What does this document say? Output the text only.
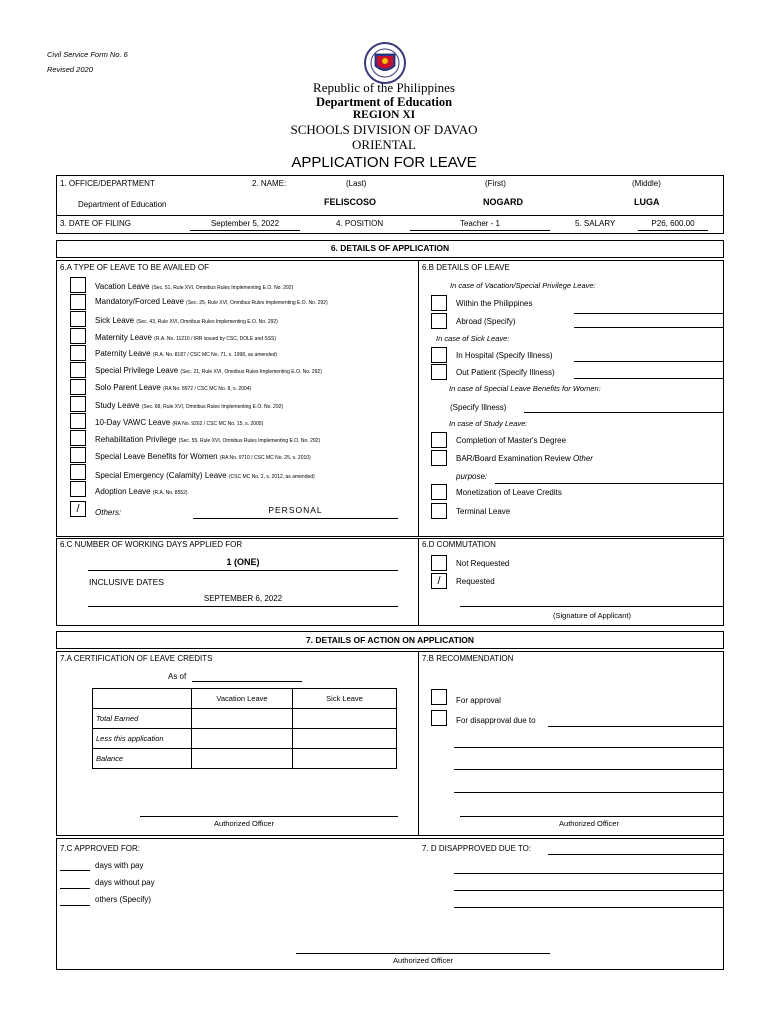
Civil Service Form No. 6
Revised 2020
Republic of the Philippines
Department of Education
REGION XI
SCHOOLS DIVISION OF DAVAO
ORIENTAL
APPLICATION FOR LEAVE
1. OFFICE/DEPARTMENT
Department of Education
2. NAME:	(Last)	(First)	(Middle)
FELISCOSO	NOGARD	LUGA
3. DATE OF FILING	September 5, 2022	4. POSITION	Teacher - 1	5. SALARY	P26, 600.00
6. DETAILS OF APPLICATION
6.A TYPE OF LEAVE TO BE AVAILED OF
/
Vacation Leave (Sec. 51, Rule XVI, Omnibus Rules Implementing E.O. No. 292)
Mandatory/Forced Leave (Sec. 25, Rule XVI, Omnibus Rules Implementing E.O. No. 292)
Sick Leave (Sec. 43, Rule XVI, Omnibus Rules Implementing E.O. No. 292)
Maternity Leave (R.A. No. 11210 / IRR issued by CSC, DOLE and SSS)
Paternity Leave (R.A. No. 8187 / CSC MC No. 71, s. 1998, as amended)
Special Privilege Leave (Sec. 21, Rule XVI, Omnibus Rules Implementing E.O. No. 292)
Solo Parent Leave (RA No. 8972 / CSC MC No. 8, s. 2004)
Study Leave (Sec. 68, Rule XVI, Omnibus Rules Implementing E.O. No. 292)
10-Day VAWC Leave (RA No. 9262 / CSC MC No. 15, s. 2005)
Rehabilitation Privilege (Sec. 55, Rule XVI, Omnibus Rules Implementing E.O. No. 292)
Special Leave Benefits for Women (RA No. 9710 / CSC MC No. 25, s. 2010)
Special Emergency (Calamity) Leave (CSC MC No. 2, s. 2012, as amended)
Adoption Leave (R.A. No. 8552)
Others:	PERSONAL
6.B DETAILS OF LEAVE
In case of Vacation/Special Privilege Leave:
Within the Philippines
Abroad (Specify)
In case of Sick Leave:
In Hospital (Specify Illness)
Out Patient (Specify Illness)
In case of Special Leave Benefits for Women:
(Specify Illness)
In case of Study Leave:
Completion of Master's Degree
BAR/Board Examination Review Other
purpose:
Monetization of Leave Credits
Terminal Leave
6.C NUMBER OF WORKING DAYS APPLIED FOR
1 (ONE)
INCLUSIVE DATES
SEPTEMBER 6, 2022
6.D COMMUTATION
Not Requested
/	Requested
(Signature of Applicant)
7. DETAILS OF ACTION ON APPLICATION
7.A CERTIFICATION OF LEAVE CREDITS
As of
	Vacation Leave	Sick Leave
Total Earned		
Less this application		
Balance		
Authorized Officer
7.B RECOMMENDATION
For approval
For disapproval due to
Authorized Officer
7.C APPROVED FOR:
days with pay
days without pay
others (Specify)
7. D DISAPPROVED DUE TO:
Authorized Officer
